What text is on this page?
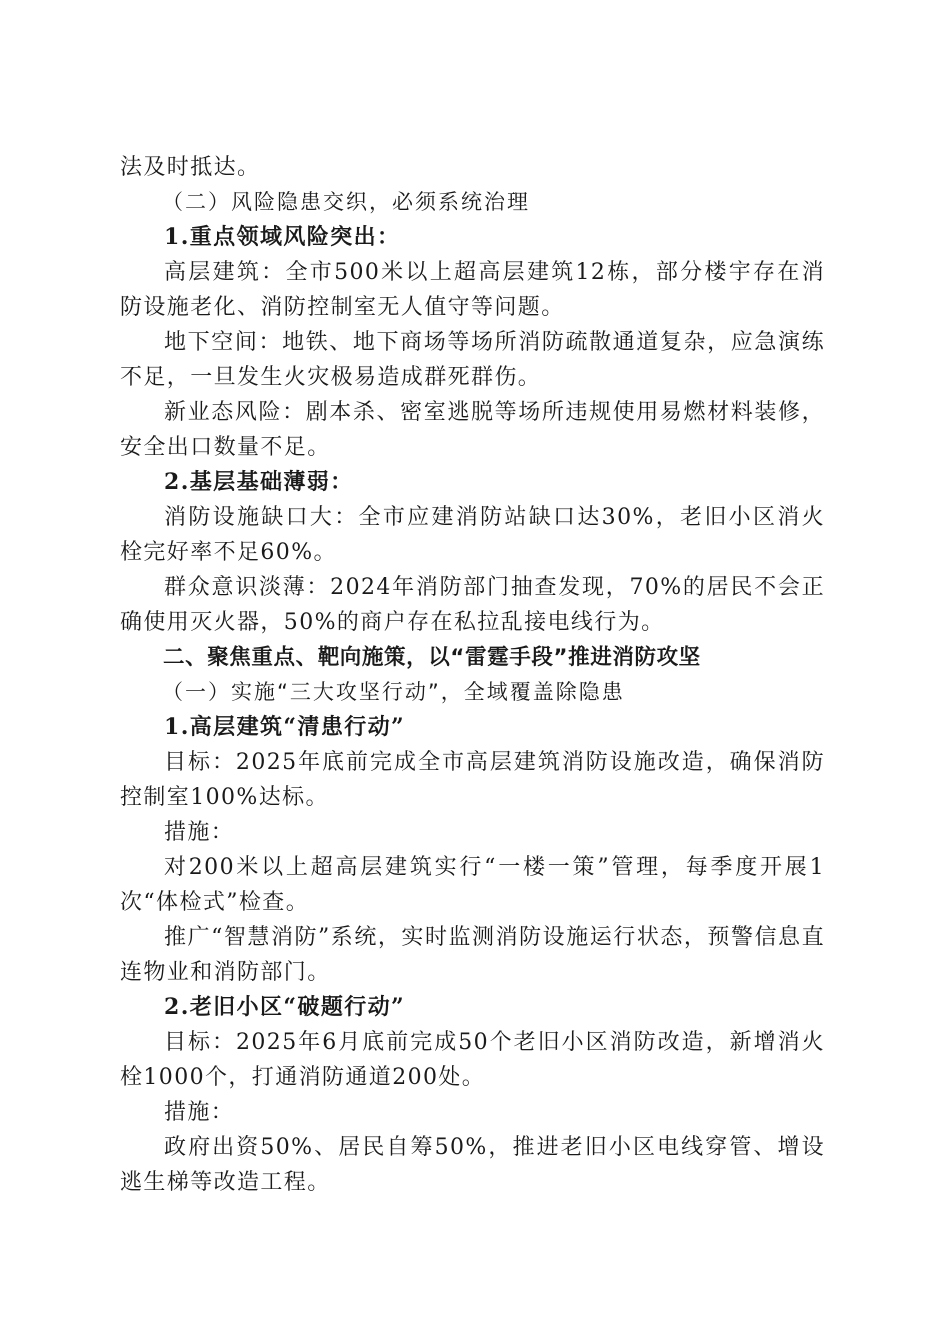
法及时抵达。

（二）风险隐患交织，必须系统治理

1.重点领域风险突出：

高层建筑：全市500米以上超高层建筑12栋，部分楼宇存在消防设施老化、消防控制室无人值守等问题。

地下空间：地铁、地下商场等场所消防疏散通道复杂，应急演练不足，一旦发生火灾极易造成群死群伤。

新业态风险：剧本杀、密室逃脱等场所违规使用易燃材料装修，安全出口数量不足。

2.基层基础薄弱：

消防设施缺口大：全市应建消防站缺口达30%，老旧小区消火栓完好率不足60%。

群众意识淡薄：2024年消防部门抽查发现，70%的居民不会正确使用灭火器，50%的商户存在私拉乱接电线行为。

二、聚焦重点、靶向施策，以“雷霆手段”推进消防攻坚

（一）实施“三大攻坚行动”，全域覆盖除隐患

1.高层建筑“清患行动”

目标：2025年底前完成全市高层建筑消防设施改造，确保消防控制室100%达标。

措施：

对200米以上超高层建筑实行“一楼一策”管理，每季度开展1次“体检式”检查。

推广“智慧消防”系统，实时监测消防设施运行状态，预警信息直连物业和消防部门。

2.老旧小区“破题行动”

目标：2025年6月底前完成50个老旧小区消防改造，新增消火栓1000个，打通消防通道200处。

措施：

政府出资50%、居民自筹50%，推进老旧小区电线穿管、增设逃生梯等改造工程。
